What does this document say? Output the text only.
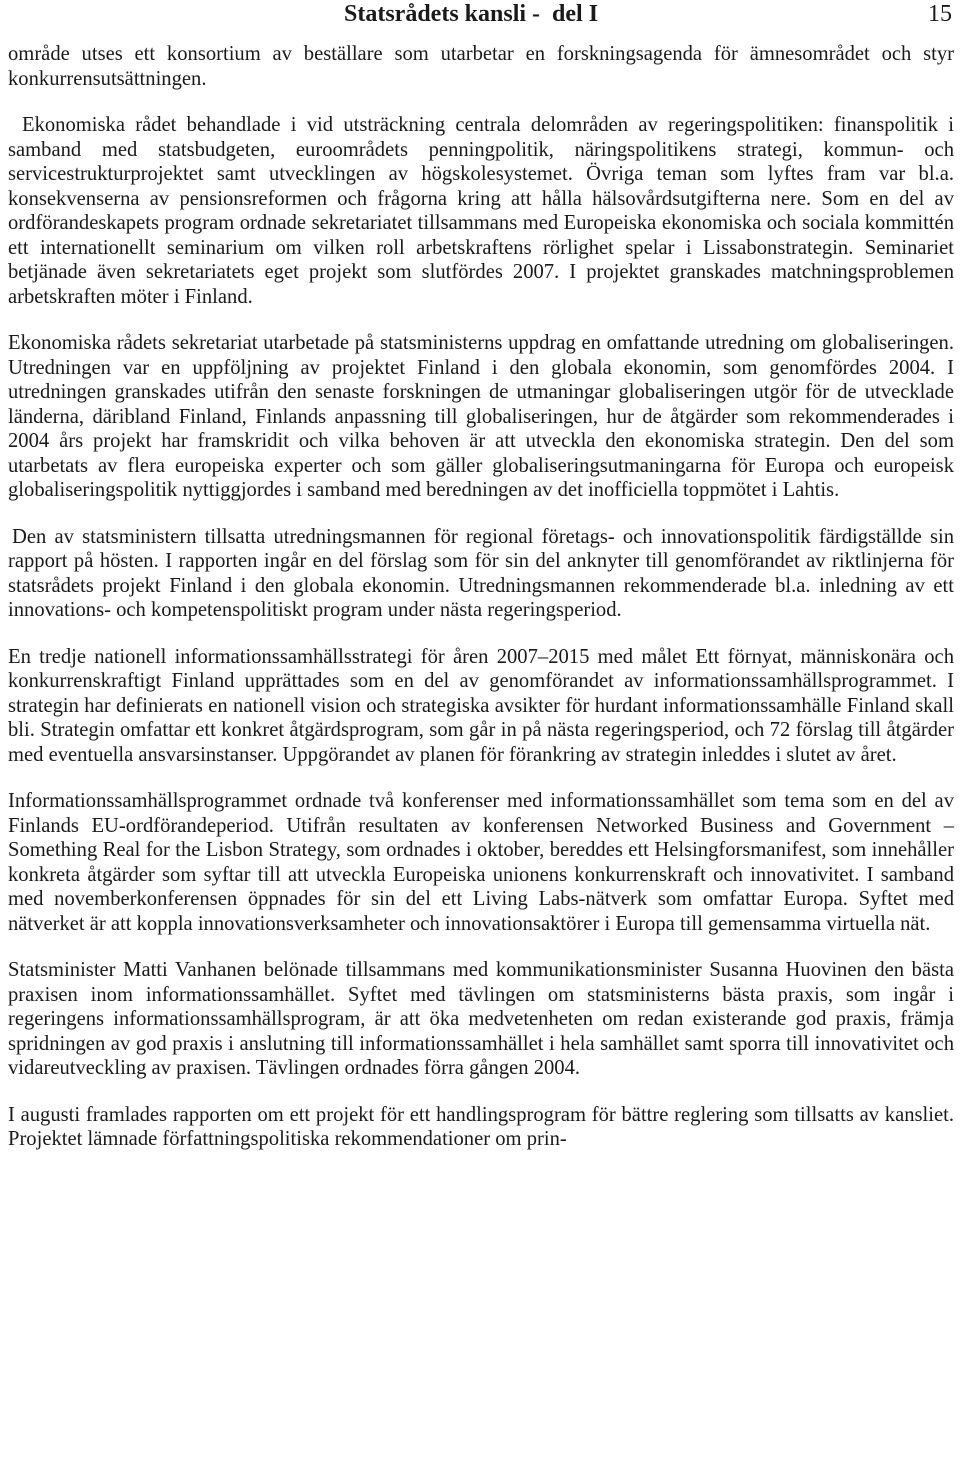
Statsrådets kansli -  del I	15

område utses ett konsortium av beställare som utarbetar en forskningsagenda för ämnesområdet och styr konkurrensutsättningen.

Ekonomiska rådet behandlade i vid utsträckning centrala delområden av regeringspolitiken: finanspolitik i samband med statsbudgeten, euroområdets penningpolitik, näringspolitikens strategi, kommun- och servicestrukturprojektet samt utvecklingen av högskolesystemet. Övriga teman som lyftes fram var bl.a. konsekvenserna av pensionsreformen och frågorna kring att hålla hälsovårdsutgifterna nere. Som en del av ordförandeskapets program ordnade sekretariatet tillsammans med Europeiska ekonomiska och sociala kommittén ett internationellt seminarium om vilken roll arbetskraftens rörlighet spelar i Lissabonstrategin. Seminariet betjänade även sekretariatets eget projekt som slutfördes 2007. I projektet granskades matchningsproblemen arbetskraften möter i Finland.

Ekonomiska rådets sekretariat utarbetade på statsministerns uppdrag en omfattande utredning om globaliseringen. Utredningen var en uppföljning av projektet Finland i den globala ekonomin, som genomfördes 2004. I utredningen granskades utifrån den senaste forskningen de utmaningar globaliseringen utgör för de utvecklade länderna, däribland Finland, Finlands anpassning till globaliseringen, hur de åtgärder som rekommenderades i 2004 års projekt har framskridit och vilka behoven är att utveckla den ekonomiska strategin. Den del som utarbetats av flera europeiska experter och som gäller globaliseringsutmaningarna för Europa och europeisk globaliseringspolitik nyttiggjordes i samband med beredningen av det inofficiella toppmötet i Lahtis.

Den av statsministern tillsatta utredningsmannen för regional företags- och innovationspolitik färdigställde sin rapport på hösten. I rapporten ingår en del förslag som för sin del anknyter till genomförandet av riktlinjerna för statsrådets projekt Finland i den globala ekonomin. Utredningsmannen rekommenderade bl.a. inledning av ett innovations- och kompetenspolitiskt program under nästa regeringsperiod.

En tredje nationell informationssamhällsstrategi för åren 2007–2015 med målet Ett förnyat, människonära och konkurrenskraftigt Finland upprättades som en del av genomförandet av informationssamhällsprogrammet. I strategin har definierats en nationell vision och strategiska avsikter för hurdant informationssamhälle Finland skall bli. Strategin omfattar ett konkret åtgärdsprogram, som går in på nästa regeringsperiod, och 72 förslag till åtgärder med eventuella ansvarsinstanser. Uppgörandet av planen för förankring av strategin inleddes i slutet av året.

Informationssamhällsprogrammet ordnade två konferenser med informationssamhället som tema som en del av Finlands EU-ordförandeperiod. Utifrån resultaten av konferensen Networked Business and Government – Something Real for the Lisbon Strategy, som ordnades i oktober, bereddes ett Helsingforsmanifest, som innehåller konkreta åtgärder som syftar till att utveckla Europeiska unionens konkurrenskraft och innovativitet. I samband med novemberkonferensen öppnades för sin del ett Living Labs-nätverk som omfattar Europa. Syftet med nätverket är att koppla innovationsverksamheter och innovationsaktörer i Europa till gemensamma virtuella nät.

Statsminister Matti Vanhanen belönade tillsammans med kommunikationsminister Susanna Huovinen den bästa praxisen inom informationssamhället. Syftet med tävlingen om statsministerns bästa praxis, som ingår i regeringens informationssamhällsprogram, är att öka medvetenheten om redan existerande god praxis, främja spridningen av god praxis i anslutning till informationssamhället i hela samhället samt sporra till innovativitet och vidareutveckling av praxisen. Tävlingen ordnades förra gången 2004.

I augusti framlades rapporten om ett projekt för ett handlingsprogram för bättre reglering som tillsatts av kansliet. Projektet lämnade författningspolitiska rekommendationer om prin-
